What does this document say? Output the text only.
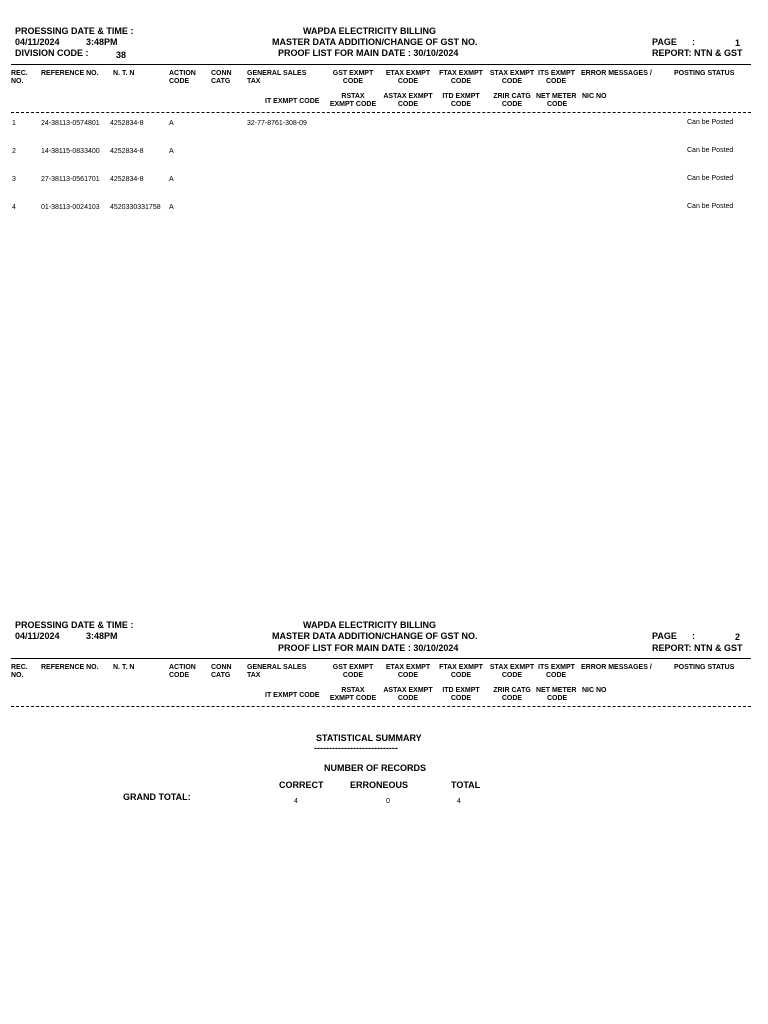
PROESSING DATE & TIME :
04/11/2024	3:48PM
DIVISION CODE :	38
WAPDA ELECTRICITY BILLING
MASTER DATA ADDITION/CHANGE OF GST NO.
PROOF LIST FOR MAIN DATE : 30/10/2024
PAGE :	1
REPORT: NTN & GST
REC.
NO.
REFERENCE NO. N. T. N	ACTION
CODE
CONN
CATG
GENERAL SALES
TAX
GST EXMPT
CODE
ETAX EXMPT
CODE
FTAX EXMPT
CODE
STAX EXMPT
CODE
ITS EXMPT
CODE
ERROR MESSAGES /	POSTING STATUS
IT EXMPT CODE
RSTAX
EXMPT CODE
ASTAX EXMPT
CODE
ITD EXMPT
CODE
ZRIR CATG
CODE
NET METER
CODE
NIC NO
1	24-38113-0574801 4252834-8	A	32-77-8761-308-09	Can be Posted
2	14-38115-0833400 4252834-8	A	Can be Posted
3	27-38113-0561701 4252834-8	A	Can be Posted
4	01-38113-0024103 4520330331758 A	Can be Posted
PROESSING DATE & TIME :
04/11/2024	3:48PM
WAPDA ELECTRICITY BILLING
MASTER DATA ADDITION/CHANGE OF GST NO.
PROOF LIST FOR MAIN DATE : 30/10/2024
PAGE :	2
REPORT: NTN & GST
REC.
NO.
REFERENCE NO. N. T. N	ACTION
CODE
CONN
CATG
GENERAL SALES
TAX
GST EXMPT
CODE
ETAX EXMPT
CODE
FTAX EXMPT
CODE
STAX EXMPT
CODE
ITS EXMPT
CODE
ERROR MESSAGES /	POSTING STATUS
IT EXMPT CODE
RSTAX
EXMPT CODE
ASTAX EXMPT
CODE
ITD EXMPT
CODE
ZRIR CATG
CODE
NET METER
CODE
NIC NO
STATISTICAL SUMMARY
----------------------------
NUMBER OF RECORDS
CORRECT	ERRONEOUS	TOTAL
GRAND TOTAL:	4	0	4
